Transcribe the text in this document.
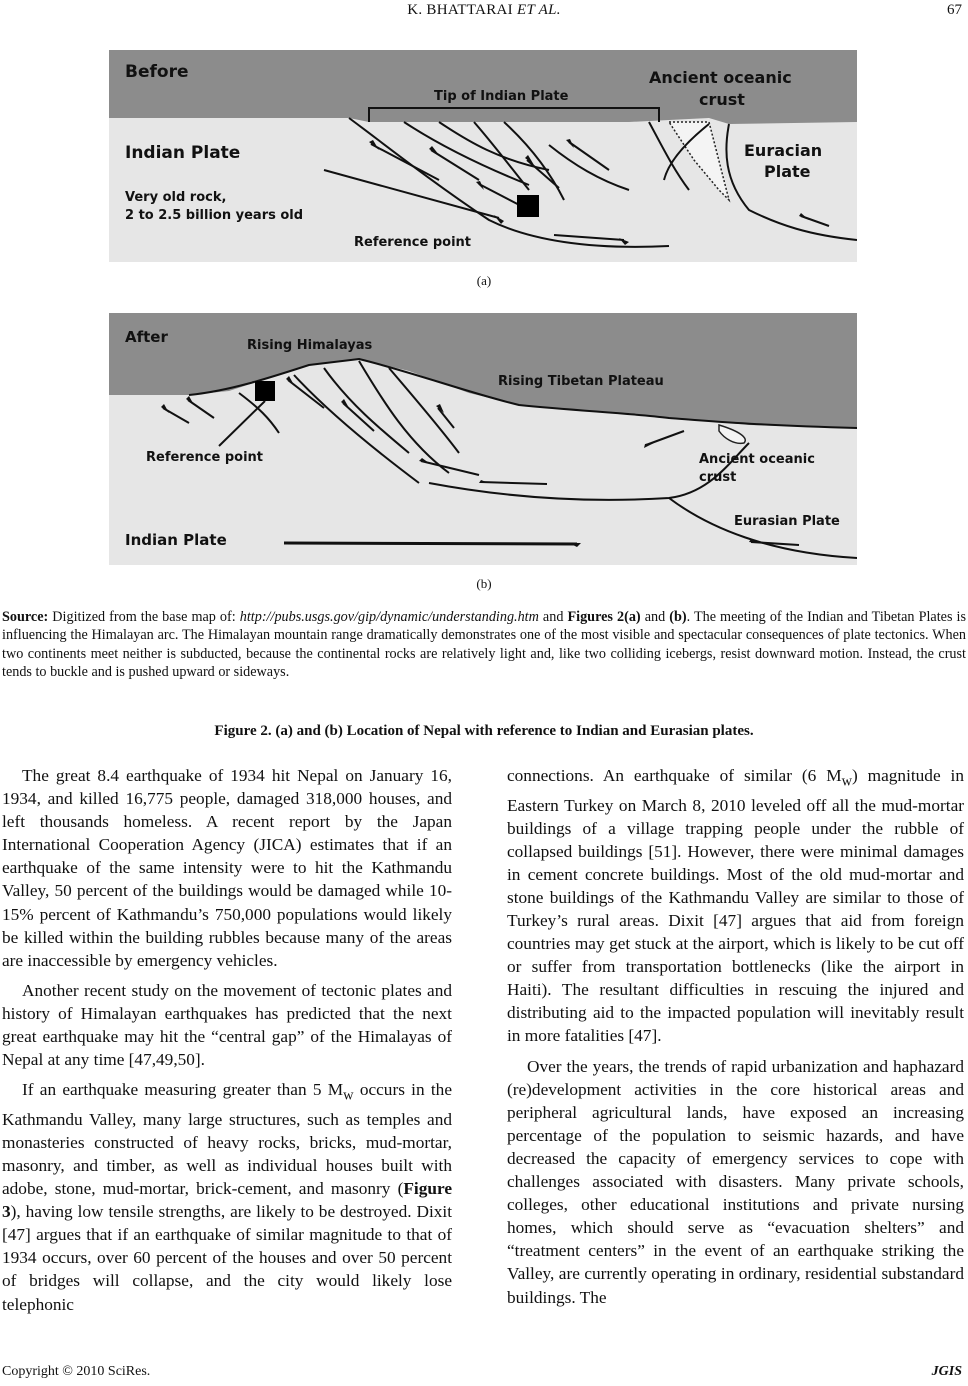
K. BHATTARAI ET AL.	67
Before
Tip of Indian Plate
Ancient oceanic
crust
Indian Plate	Euracian
Plate
Very old rock,
2 to 2.5 billion years old
Reference point
(a)
After	Rising Himalayas
Rising Tibetan Plateau
Reference point	Ancient oceanic
crust
Eurasian Plate
Indian Plate
(b)
Source: Digitized from the base map of: http://pubs.usgs.gov/gip/dynamic/understanding.htm and Figures 2(a) and (b). The meeting of the Indian and Tibetan Plates is influencing the Himalayan arc. The Himalayan mountain range dramatically demonstrates one of the most visible and spectacular consequences of plate tectonics. When two continents meet neither is subducted, because the continental rocks are relatively light and, like two colliding icebergs, resist downward motion. Instead, the crust tends to buckle and is pushed upward or sideways.
Figure 2. (a) and (b) Location of Nepal with reference to Indian and Eurasian plates.

The great 8.4 earthquake of 1934 hit Nepal on January 16, 1934, and killed 16,775 people, damaged 318,000 houses, and left thousands homeless. A recent report by the Japan International Cooperation Agency (JICA) estimates that if an earthquake of the same intensity were to hit the Kathmandu Valley, 50 percent of the buildings would be damaged while 10-15% percent of Kathmandu’s 750,000 populations would likely be killed within the building rubbles because many of the areas are inaccessible by emergency vehicles.

Another recent study on the movement of tectonic plates and history of Himalayan earthquakes has predicted that the next great earthquake may hit the “central gap” of the Himalayas of Nepal at any time [47,49,50].

If an earthquake measuring greater than 5 $M_w$ occurs in the Kathmandu Valley, many large structures, such as temples and monasteries constructed of heavy rocks, bricks, mud-mortar, masonry, and timber, as well as individual houses built with adobe, stone, mud-mortar, brick-cement, and masonry (Figure 3), having low tensile strengths, are likely to be destroyed. Dixit [47] argues that if an earthquake of similar magnitude to that of 1934 occurs, over 60 percent of the houses and over 50 percent of bridges will collapse, and the city would likely lose telephonic

connections. An earthquake of similar (6 $M_w$) magnitude in Eastern Turkey on March 8, 2010 leveled off all the mud-mortar buildings of a village trapping people under the rubble of collapsed buildings [51]. However, there were minimal damages in cement concrete buildings. Most of the old mud-mortar and stone buildings of the Kathmandu Valley are similar to those of Turkey’s rural areas. Dixit [47] argues that aid from foreign countries may get stuck at the airport, which is likely to be cut off or suffer from transportation bottlenecks (like the airport in Haiti). The resultant difficulties in rescuing the injured and distributing aid to the impacted population will inevitably result in more fatalities [47].

Over the years, the trends of rapid urbanization and haphazard (re)development activities in the core historical areas and peripheral agricultural lands, have exposed an increasing percentage of the population to seismic hazards, and have decreased the capacity of emergency services to cope with challenges associated with disasters. Many private schools, colleges, other educational institutions and private nursing homes, which should serve as “evacuation shelters” and “treatment centers” in the event of an earthquake striking the Valley, are currently operating in ordinary, residential substandard buildings. The

Copyright © 2010 SciRes.	JGIS
